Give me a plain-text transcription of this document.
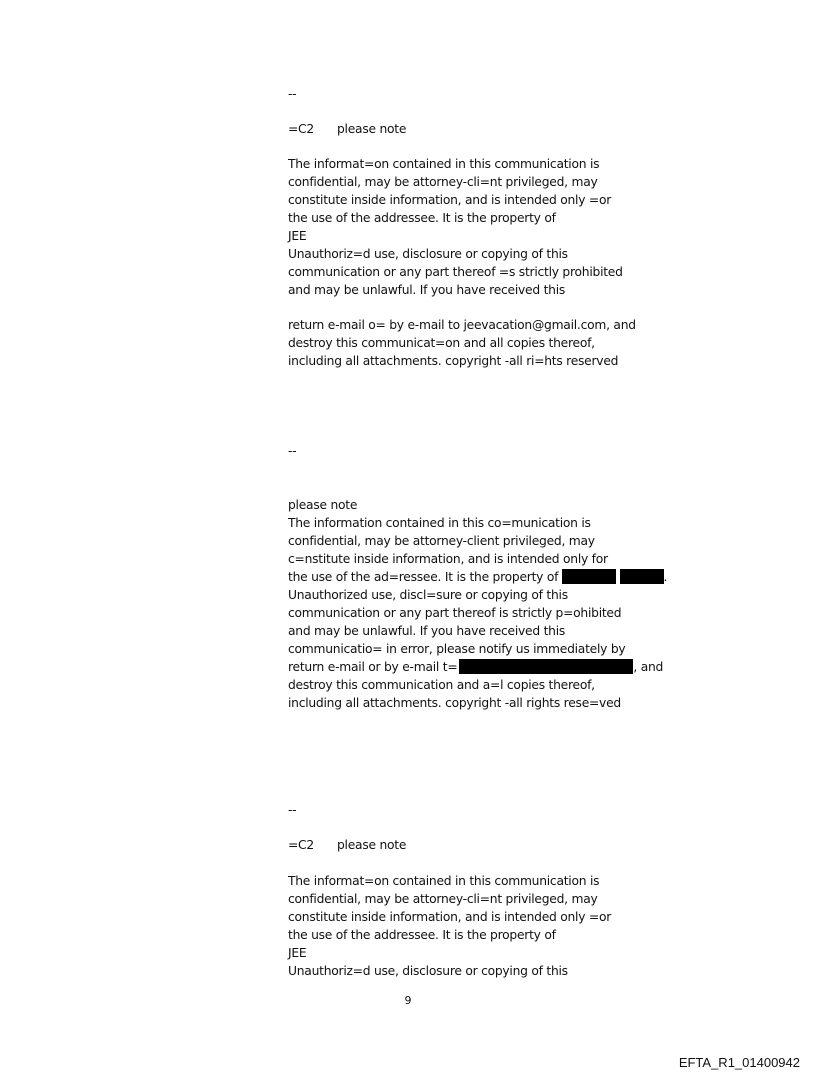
--
=C2 please note
The informat=on contained in this communication is
confidential, may be attorney-cli=nt privileged, may
constitute inside information, and is intended only =or
the use of the addressee. It is the property of
JEE
Unauthoriz=d use, disclosure or copying of this
communication or any part thereof =s strictly prohibited
and may be unlawful. If you have received this
return e-mail o= by e-mail to jeevacation@gmail.com, and
destroy this communicat=on and all copies thereof,
including all attachments. copyright -all ri=hts reserved
--
please note
The information contained in this co=munication is
confidential, may be attorney-client privileged, may
c=nstitute inside information, and is intended only for
the use of the ad=ressee. It is the property of	.
Unauthorized use, discl=sure or copying of this
communication or any part thereof is strictly p=ohibited
and may be unlawful. If you have received this
communicatio= in error, please notify us immediately by
return e-mail or by e-mail t=	, and
destroy this communication and a=l copies thereof,
including all attachments. copyright -all rights rese=ved
--
=C2 please note
The informat=on contained in this communication is
confidential, may be attorney-cli=nt privileged, may
constitute inside information, and is intended only =or
the use of the addressee. It is the property of
JEE
Unauthoriz=d use, disclosure or copying of this
9
EFTA_R1_01400942
